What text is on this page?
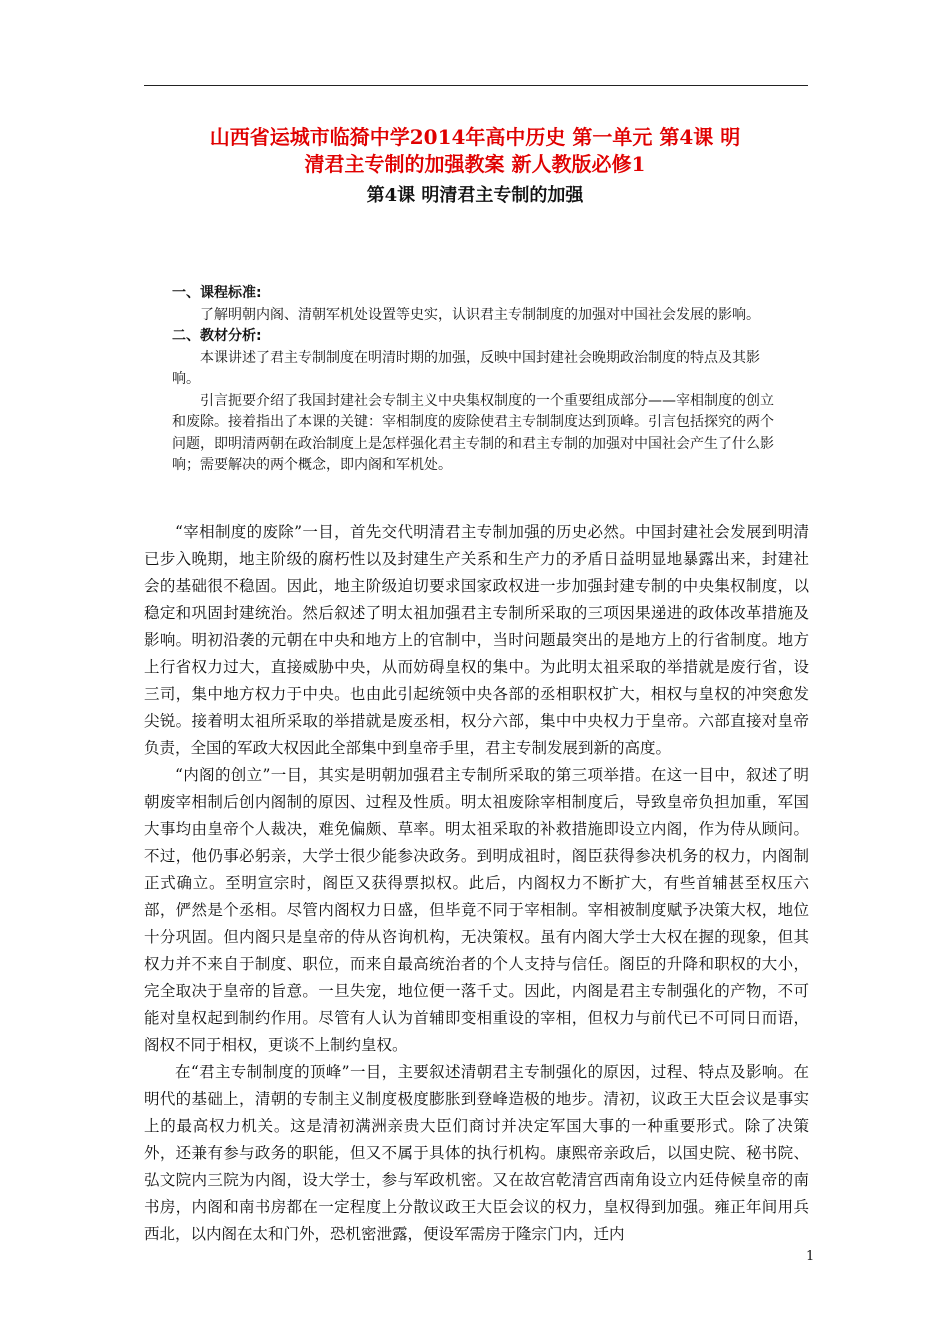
山西省运城市临猗中学2014年高中历史 第一单元 第4课 明
清君主专制的加强教案 新人教版必修1
第4课 明清君主专制的加强
一、课程标准:
了解明朝内阁、清朝军机处设置等史实，认识君主专制制度的加强对中国社会发展的影响。
二、教材分析:
本课讲述了君主专制制度在明清时期的加强，反映中国封建社会晚期政治制度的特点及其影响。
引言扼要介绍了我国封建社会专制主义中央集权制度的一个重要组成部分——宰相制度的创立和废除。接着指出了本课的关键：宰相制度的废除使君主专制制度达到顶峰。引言包括探究的两个问题，即明清两朝在政治制度上是怎样强化君主专制的和君主专制的加强对中国社会产生了什么影响；需要解决的两个概念，即内阁和军机处。

“宰相制度的废除”一目，首先交代明清君主专制加强的历史必然。中国封建社会发展到明清已步入晚期，地主阶级的腐朽性以及封建生产关系和生产力的矛盾日益明显地暴露出来，封建社会的基础很不稳固。因此，地主阶级迫切要求国家政权进一步加强封建专制的中央集权制度，以稳定和巩固封建统治。然后叙述了明太祖加强君主专制所采取的三项因果递进的政体改革措施及影响。明初沿袭的元朝在中央和地方上的官制中，当时问题最突出的是地方上的行省制度。地方上行省权力过大，直接威胁中央，从而妨碍皇权的集中。为此明太祖采取的举措就是废行省，设三司，集中地方权力于中央。也由此引起统领中央各部的丞相职权扩大，相权与皇权的冲突愈发尖锐。接着明太祖所采取的举措就是废丞相，权分六部，集中中央权力于皇帝。六部直接对皇帝负责，全国的军政大权因此全部集中到皇帝手里，君主专制发展到新的高度。

“内阁的创立”一目，其实是明朝加强君主专制所采取的第三项举措。在这一目中，叙述了明朝废宰相制后创内阁制的原因、过程及性质。明太祖废除宰相制度后，导致皇帝负担加重，军国大事均由皇帝个人裁决，难免偏颇、草率。明太祖采取的补救措施即设立内阁，作为侍从顾问。不过，他仍事必躬亲，大学士很少能参决政务。到明成祖时，阁臣获得参决机务的权力，内阁制正式确立。至明宣宗时，阁臣又获得票拟权。此后，内阁权力不断扩大，有些首辅甚至权压六部，俨然是个丞相。尽管内阁权力日盛，但毕竟不同于宰相制。宰相被制度赋予决策大权，地位十分巩固。但内阁只是皇帝的侍从咨询机构，无决策权。虽有内阁大学士大权在握的现象，但其权力并不来自于制度、职位，而来自最高统治者的个人支持与信任。阁臣的升降和职权的大小，完全取决于皇帝的旨意。一旦失宠，地位便一落千丈。因此，内阁是君主专制强化的产物，不可能对皇权起到制约作用。尽管有人认为首辅即变相重设的宰相，但权力与前代已不可同日而语，阁权不同于相权，更谈不上制约皇权。

在“君主专制制度的顶峰”一目，主要叙述清朝君主专制强化的原因，过程、特点及影响。在明代的基础上，清朝的专制主义制度极度膨胀到登峰造极的地步。清初，议政王大臣会议是事实上的最高权力机关。这是清初满洲亲贵大臣们商讨并决定军国大事的一种重要形式。除了决策外，还兼有参与政务的职能，但又不属于具体的执行机构。康熙帝亲政后，以国史院、秘书院、弘文院内三院为内阁，设大学士，参与军政机密。又在故宫乾清宫西南角设立内廷侍候皇帝的南书房，内阁和南书房都在一定程度上分散议政王大臣会议的权力，皇权得到加强。雍正年间用兵西北，以内阁在太和门外，恐机密泄露，便设军需房于隆宗门内，迁内

1
